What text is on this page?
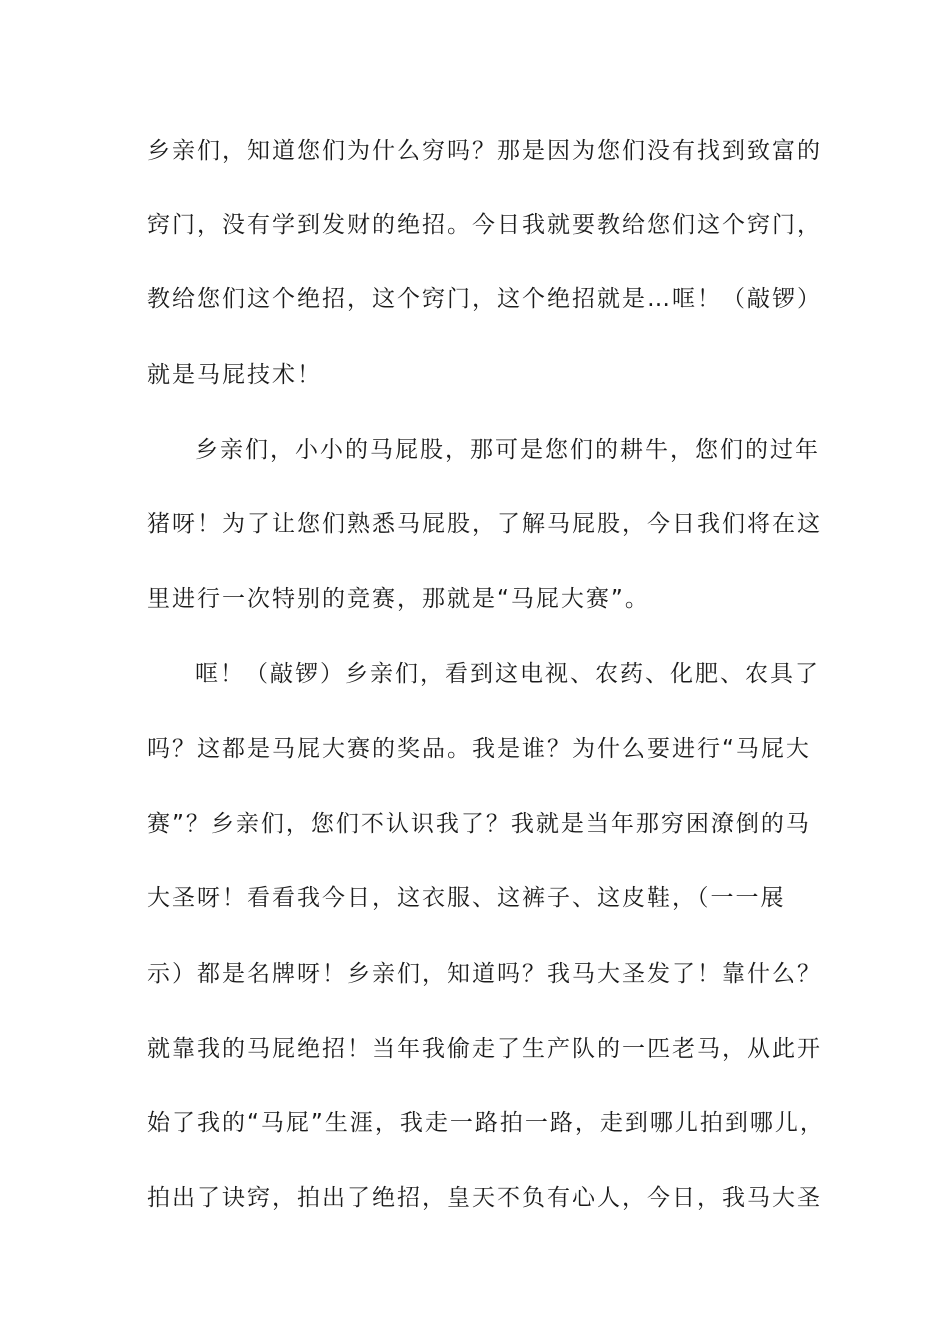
乡亲们，知道您们为什么穷吗？那是因为您们没有找到致富的
窍门，没有学到发财的绝招。今日我就要教给您们这个窍门，
教给您们这个绝招，这个窍门，这个绝招就是…哐！（敲锣）
就是马屁技术！
乡亲们，小小的马屁股，那可是您们的耕牛，您们的过年
猪呀！为了让您们熟悉马屁股，了解马屁股，今日我们将在这
里进行一次特别的竞赛，那就是“马屁大赛”。
哐！（敲锣）乡亲们，看到这电视、农药、化肥、农具了
吗？这都是马屁大赛的奖品。我是谁？为什么要进行“马屁大
赛”？乡亲们，您们不认识我了？我就是当年那穷困潦倒的马
大圣呀！看看我今日，这衣服、这裤子、这皮鞋，（一一展
示）都是名牌呀！乡亲们，知道吗？我马大圣发了！靠什么？
就靠我的马屁绝招！当年我偷走了生产队的一匹老马，从此开
始了我的“马屁”生涯，我走一路拍一路，走到哪儿拍到哪儿，
拍出了诀窍，拍出了绝招，皇天不负有心人，今日，我马大圣
